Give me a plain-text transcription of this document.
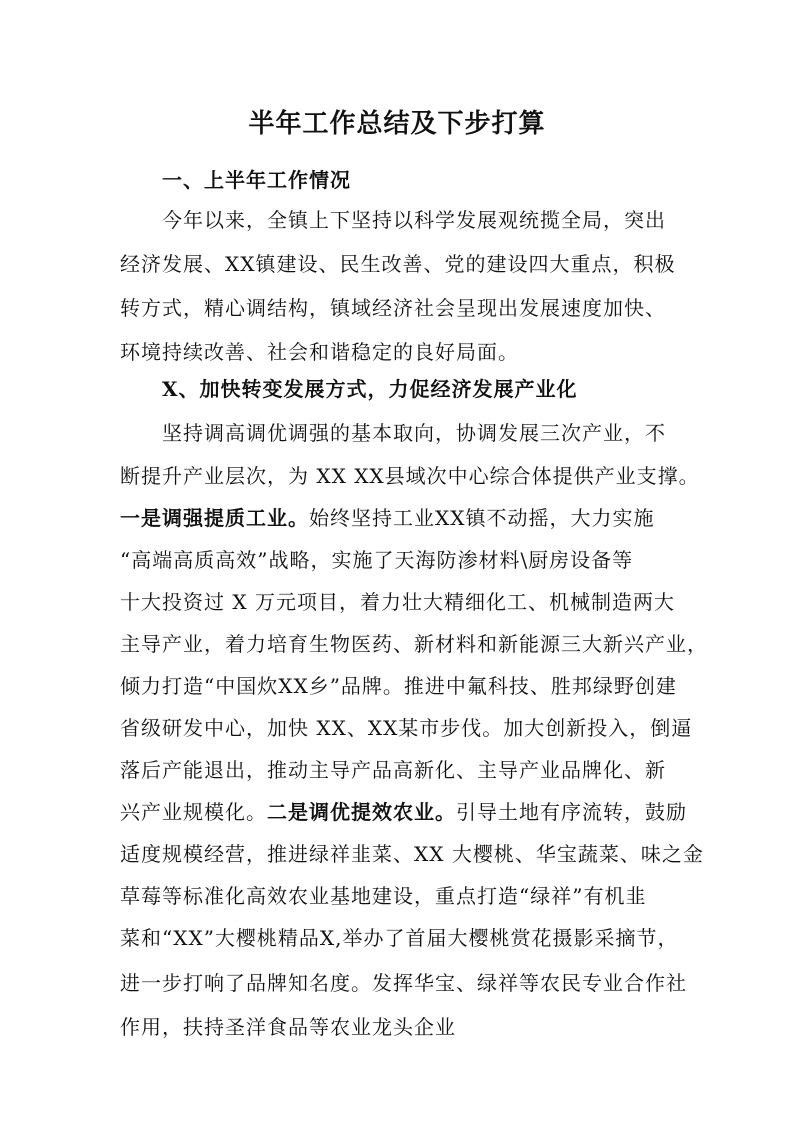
半年工作总结及下步打算
一、上半年工作情况
今年以来，全镇上下坚持以科学发展观统揽全局，突出
经济发展、XX镇建设、民生改善、党的建设四大重点，积极
转方式，精心调结构，镇域经济社会呈现出发展速度加快、
环境持续改善、社会和谐稳定的良好局面。
X、加快转变发展方式，力促经济发展产业化
坚持调高调优调强的基本取向，协调发展三次产业，不
断提升产业层次，为 XX XX县域次中心综合体提供产业支撑。
一是调强提质工业。始终坚持工业XX镇不动摇，大力实施
“高端高质高效”战略，实施了天海防渗材料\厨房设备等
十大投资过 X 万元项目，着力壮大精细化工、机械制造两大
主导产业，着力培育生物医药、新材料和新能源三大新兴产业，
倾力打造“中国炊XX乡”品牌。推进中氟科技、胜邦绿野创建
省级研发中心，加快 XX、XX某市步伐。加大创新投入，倒逼
落后产能退出，推动主导产品高新化、主导产业品牌化、新
兴产业规模化。二是调优提效农业。引导土地有序流转，鼓励
适度规模经营，推进绿祥韭菜、XX 大樱桃、华宝蔬菜、味之金
草莓等标准化高效农业基地建设，重点打造“绿祥”有机韭
菜和“XX”大樱桃精品X,举办了首届大樱桃赏花摄影采摘节，
进一步打响了品牌知名度。发挥华宝、绿祥等农民专业合作社
作用，扶持圣洋食品等农业龙头企业
